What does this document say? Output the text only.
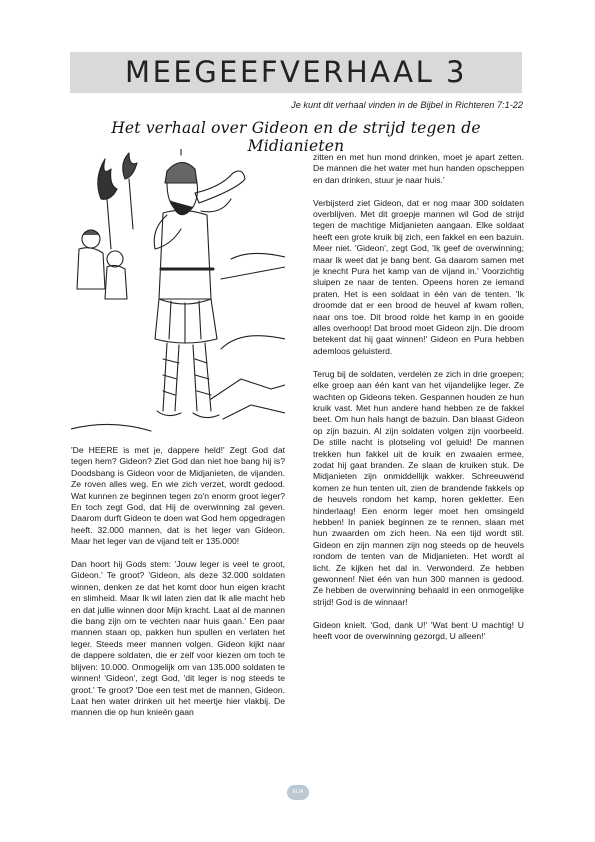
MEEGEEFVERHAAL 3
Je kunt dit verhaal vinden in de Bijbel in Richteren 7:1-22
Het verhaal over Gideon en de strijd tegen de Midianieten

'De HEERE is met je, dappere held!' Zegt God dat tegen hem? Gideon? Ziet God dan niet hoe bang hij is? Doodsbang is Gideon voor de Midjanieten, de vijanden. Ze roven alles weg. En wie zich verzet, wordt gedood. Wat kunnen ze beginnen tegen zo'n enorm groot leger? En toch zegt God, dat Hij de overwinning zal geven. Daarom durft Gideon te doen wat God hem opgedragen heeft. 32.000 mannen, dat is het leger van Gideon. Maar het leger van de vijand telt er 135.000!

Dan hoort hij Gods stem: 'Jouw leger is veel te groot, Gideon.' Te groot? 'Gideon, als deze 32.000 soldaten winnen, denken ze dat het komt door hun eigen kracht en slimheid. Maar Ik wil laten zien dat Ik alle macht heb en dat jullie winnen door Mijn kracht. Laat al de mannen die bang zijn om te vechten naar huis gaan.' Een paar mannen staan op, pakken hun spullen en verlaten het leger. Steeds meer mannen volgen. Gideon kijkt naar de dappere soldaten, die er zelf voor kiezen om toch te blijven: 10.000. Onmogelijk om van 135.000 soldaten te winnen! 'Gideon', zegt God, 'dit leger is nog steeds te groot.' Te groot? 'Doe een test met de mannen, Gideon. Laat hen water drinken uit het meertje hier vlakbij. De mannen die op hun knieën gaan

zitten en met hun mond drinken, moet je apart zetten. De mannen die het water met hun handen opscheppen en dan drinken, stuur je naar huis.'

Verbijsterd ziet Gideon, dat er nog maar 300 soldaten overblijven. Met dit groepje mannen wil God de strijd tegen de machtige Midjanieten aangaan. Elke soldaat heeft een grote kruik bij zich, een fakkel en een bazuin. Meer niet. 'Gideon', zegt God, 'Ik geef de overwinning; maar Ik weet dat je bang bent. Ga daarom samen met je knecht Pura het kamp van de vijand in.' Voorzichtig sluipen ze naar de tenten. Opeens horen ze iemand praten. Het is een soldaat in één van de tenten. 'Ik droomde dat er een brood de heuvel af kwam rollen, naar ons toe. Dit brood rolde het kamp in en gooide alles overhoop! Dat brood moet Gideon zijn. Die droom betekent dat hij gaat winnen!' Gideon en Pura hebben ademloos geluisterd.

Terug bij de soldaten, verdelen ze zich in drie groepen; elke groep aan één kant van het vijandelijke leger. Ze wachten op Gideons teken. Gespannen houden ze hun kruik vast. Met hun andere hand hebben ze de fakkel beet. Om hun hals hangt de bazuin. Dan blaast Gideon op zijn bazuin. Al zijn soldaten volgen zijn voorbeeld. De stille nacht is plotseling vol geluid! De mannen trekken hun fakkel uit de kruik en zwaaien ermee, zodat hij gaat branden. Ze slaan de kruiken stuk. De Midjanieten zijn onmiddellijk wakker. Schreeuwend komen ze hun tenten uit, zien de brandende fakkels op de heuvels rondom het kamp, horen gekletter. Een hinderlaag! Een enorm leger moet hen omsingeld hebben! In paniek beginnen ze te rennen, slaan met hun zwaarden om zich heen. Na een tijd wordt stil. Gideon en zijn mannen zijn nog steeds op de heuvels rondom de tenten van de Midjanieten. Het wordt al licht. Ze kijken het dal in. Verwonderd. Ze hebben gewonnen! Niet één van hun 300 mannen is gedood. Ze hebben de overwinning behaald in een onmogelijke strijd! God is de winnaar!

Gideon knielt. 'God, dank U!' 'Wat bent U machtig! U heeft voor de overwinning gezorgd, U alleen!'

ELIA
